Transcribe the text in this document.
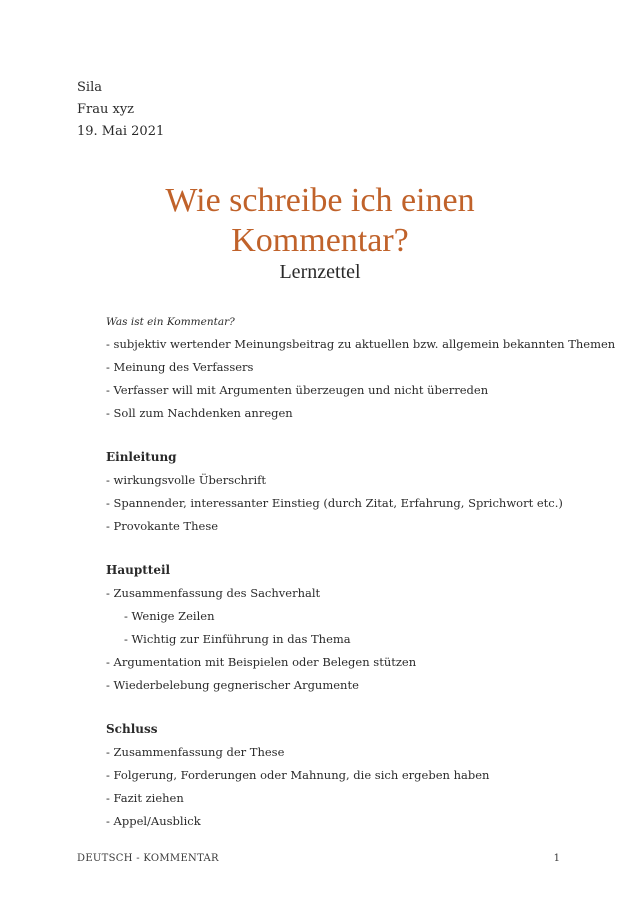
Sila
Frau xyz
19. Mai 2021
Wie schreibe ich einen
Kommentar?
Lernzettel
Was ist ein Kommentar?
- subjektiv wertender Meinungsbeitrag zu aktuellen bzw. allgemein bekannten Themen
- Meinung des Verfassers
- Verfasser will mit Argumenten überzeugen und nicht überreden
- Soll zum Nachdenken anregen
Einleitung
- wirkungsvolle Überschrift
- Spannender, interessanter Einstieg (durch Zitat, Erfahrung, Sprichwort etc.)
- Provokante These
Hauptteil
- Zusammenfassung des Sachverhalt
- Wenige Zeilen
- Wichtig zur Einführung in das Thema
- Argumentation mit Beispielen oder Belegen stützen
- Wiederbelebung gegnerischer Argumente
Schluss
- Zusammenfassung der These
- Folgerung, Forderungen oder Mahnung, die sich ergeben haben
- Fazit ziehen
- Appel/Ausblick
DEUTSCH - KOMMENTAR	1
